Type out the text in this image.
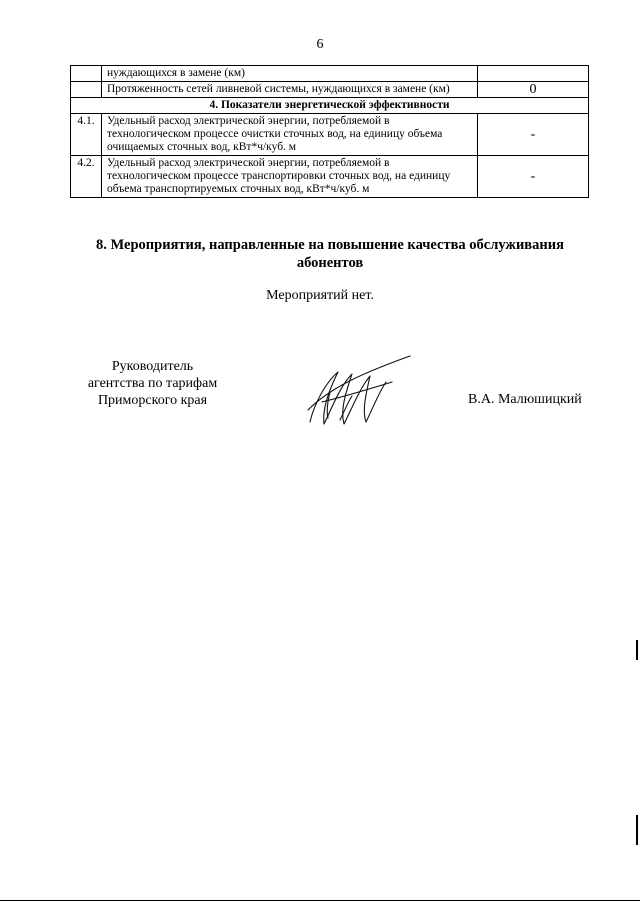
6
	нуждающихся в замене (км)	
	Протяженность сетей ливневой системы, нуждающихся в замене (км)	0
4. Показатели энергетической эффективности		
4.1.	Удельный расход электрической энергии, потребляемой в технологическом процессе очистки сточных вод, на единицу объема очищаемых сточных вод, кВт*ч/куб. м	-
4.2.	Удельный расход электрической энергии, потребляемой в технологическом процессе транспортировки сточных вод, на единицу объема транспортируемых сточных вод, кВт*ч/куб. м	-
8. Мероприятия, направленные на повышение качества обслуживания абонентов
Мероприятий нет.
Руководитель
агентства по тарифам
Приморского края	В.А. Малюшицкий
